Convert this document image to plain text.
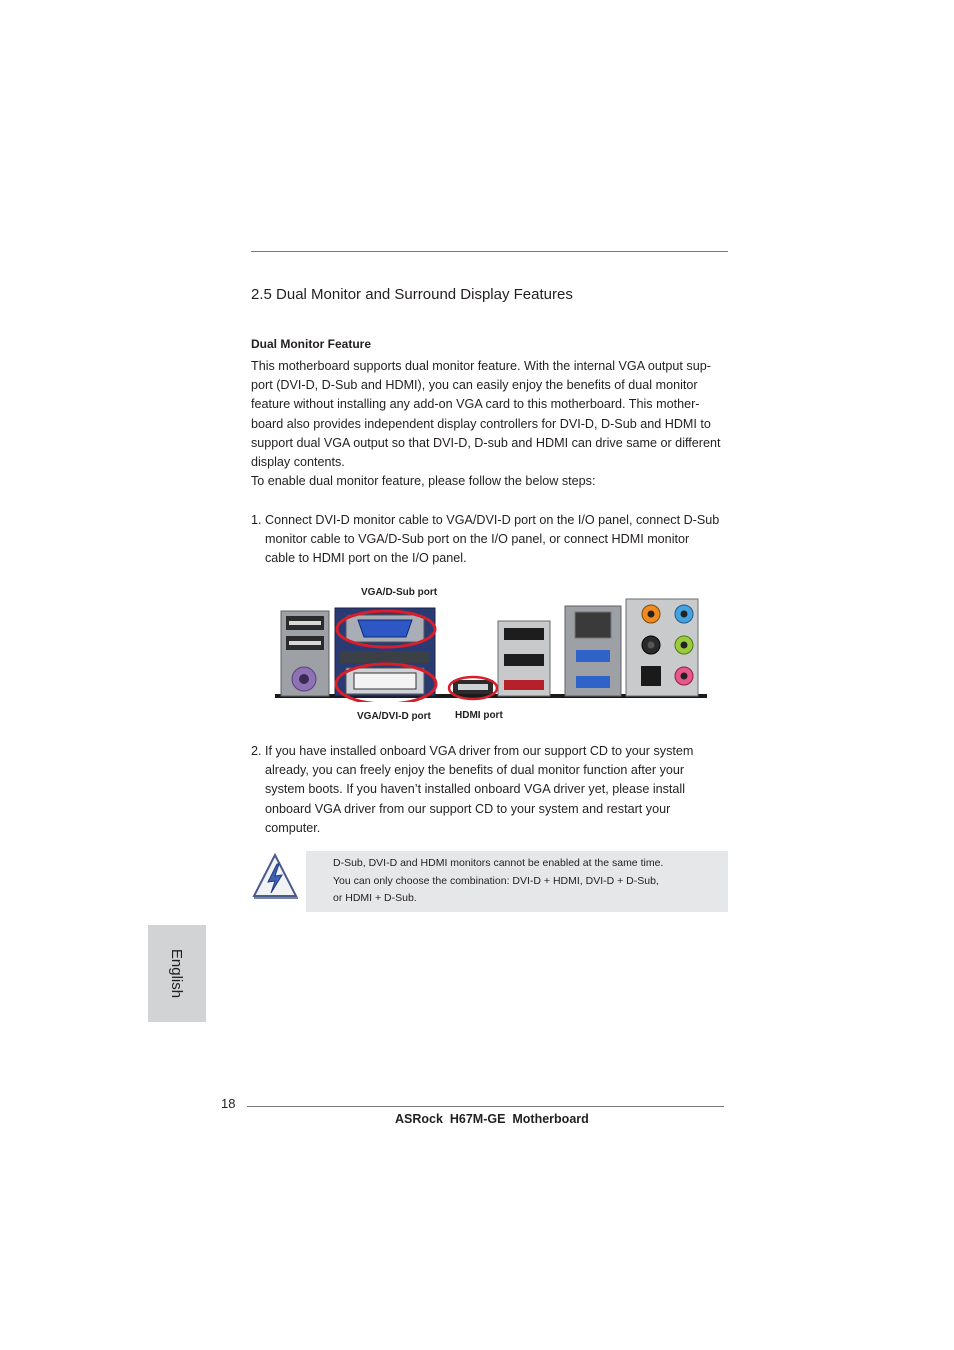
2.5 Dual Monitor and Surround Display Features
Dual Monitor Feature
This motherboard supports dual monitor feature. With the internal VGA output sup-
port (DVI-D, D-Sub and HDMI), you can easily enjoy the benefits of dual monitor
feature without installing any add-on VGA card to this motherboard. This mother-
board also provides independent display controllers for DVI-D, D-Sub and HDMI to
support dual VGA output so that DVI-D, D-sub and HDMI can drive same or different
display contents.
To enable dual monitor feature, please follow the below steps:
1. Connect DVI-D monitor cable to VGA/DVI-D port on the I/O panel, connect D-Sub
monitor cable to VGA/D-Sub port on the I/O panel, or connect HDMI monitor
cable to HDMI port on the I/O panel.
VGA/D-Sub port
VGA/DVI-D port HDMI port
2. If you have installed onboard VGA driver from our support CD to your system
already, you can freely enjoy the benefits of dual monitor function after your
system boots. If you haven’t installed onboard VGA driver yet, please install
onboard VGA driver from our support CD to your system and restart your
computer.
D-Sub, DVI-D and HDMI monitors cannot be enabled at the same time.
You can only choose the combination: DVI-D + HDMI, DVI-D + D-Sub,
or HDMI + D-Sub.
English
18
ASRock  H67M-GE  Motherboard
